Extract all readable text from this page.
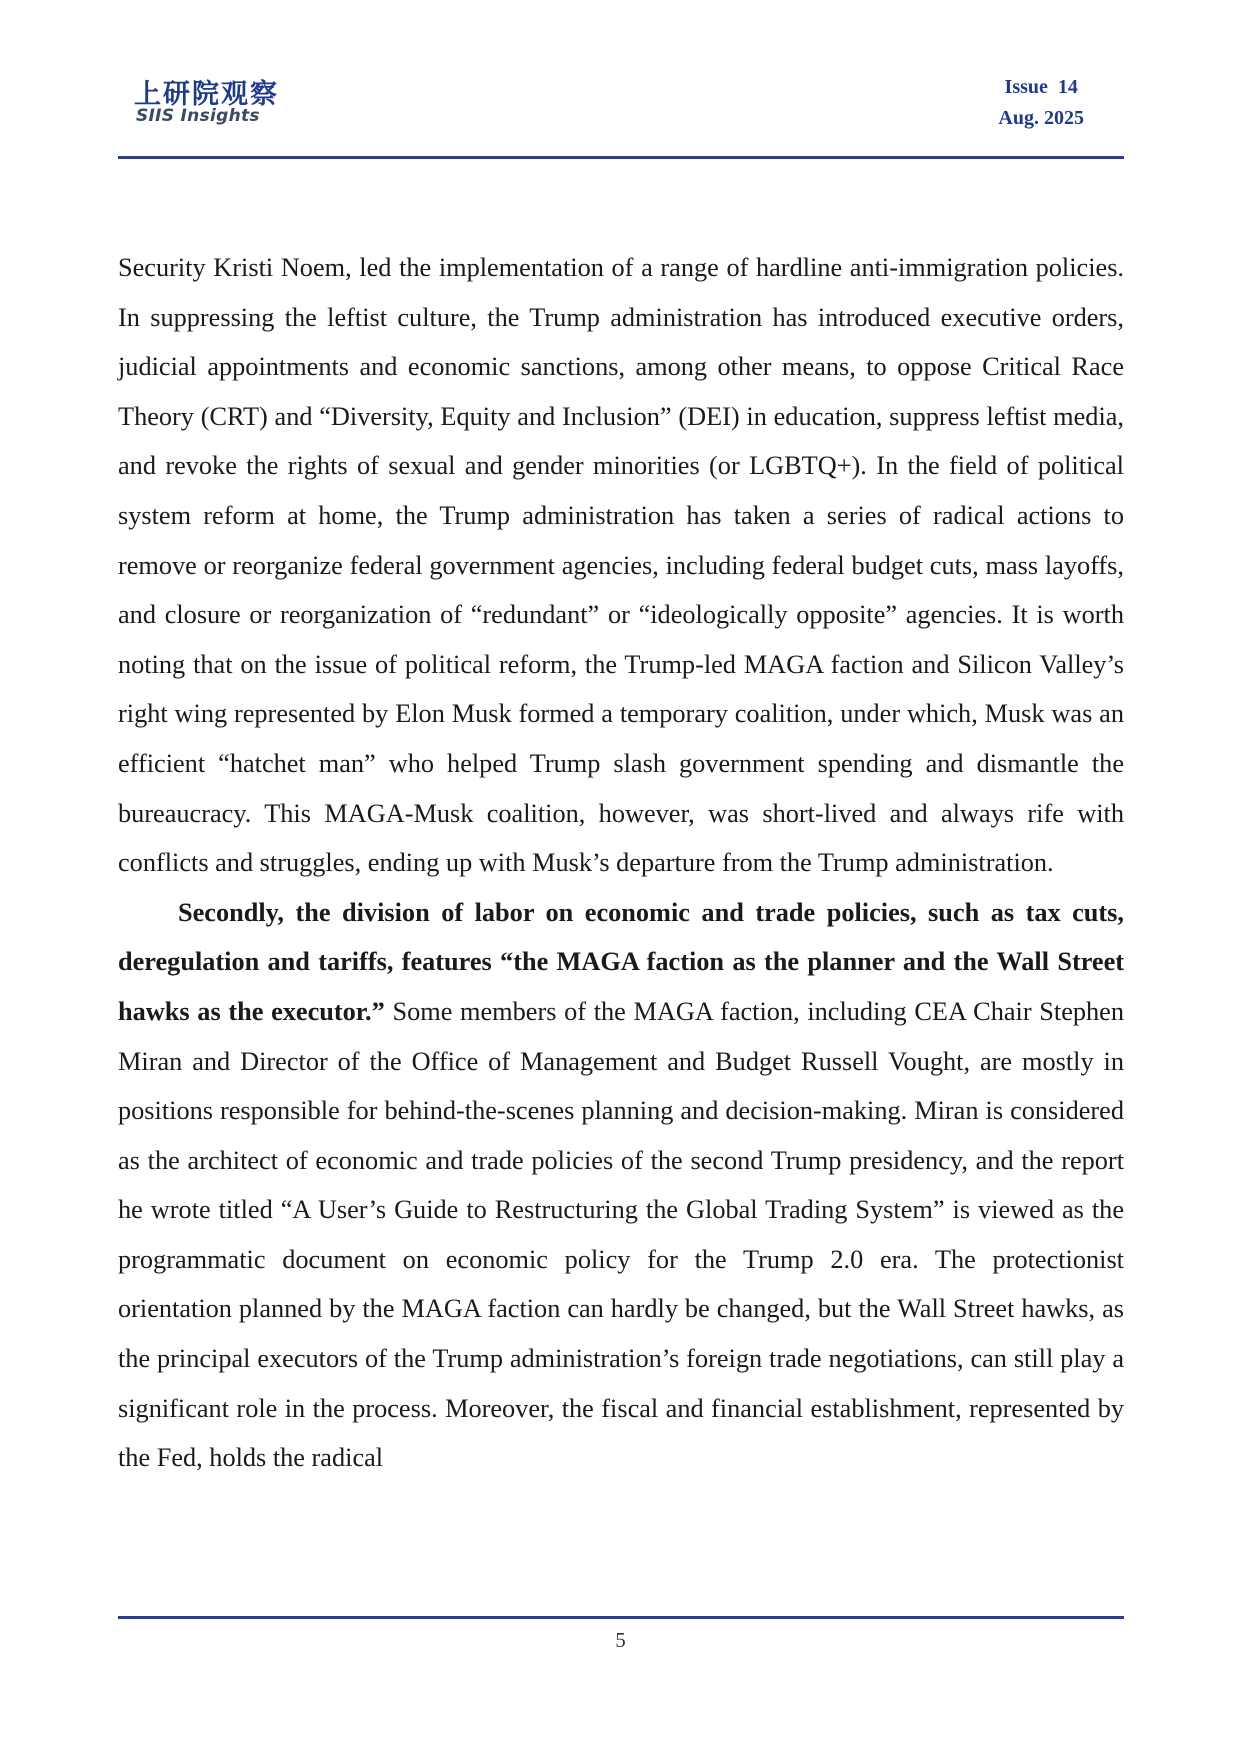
上研院观察
SIIS Insights
Issue  14
Aug. 2025

Security Kristi Noem, led the implementation of a range of hardline anti-immigration policies. In suppressing the leftist culture, the Trump administration has introduced executive orders, judicial appointments and economic sanctions, among other means, to oppose Critical Race Theory (CRT) and “Diversity, Equity and Inclusion” (DEI) in education, suppress leftist media, and revoke the rights of sexual and gender minorities (or LGBTQ+). In the field of political system reform at home, the Trump administration has taken a series of radical actions to remove or reorganize federal government agencies, including federal budget cuts, mass layoffs, and closure or reorganization of “redundant” or “ideologically opposite” agencies. It is worth noting that on the issue of political reform, the Trump-led MAGA faction and Silicon Valley’s right wing represented by Elon Musk formed a temporary coalition, under which, Musk was an efficient “hatchet man” who helped Trump slash government spending and dismantle the bureaucracy. This MAGA-Musk coalition, however, was short-lived and always rife with conflicts and struggles, ending up with Musk’s departure from the Trump administration.

Secondly, the division of labor on economic and trade policies, such as tax cuts, deregulation and tariffs, features “the MAGA faction as the planner and the Wall Street hawks as the executor.” Some members of the MAGA faction, including CEA Chair Stephen Miran and Director of the Office of Management and Budget Russell Vought, are mostly in positions responsible for behind-the-scenes planning and decision-making. Miran is considered as the architect of economic and trade policies of the second Trump presidency, and the report he wrote titled “A User’s Guide to Restructuring the Global Trading System” is viewed as the programmatic document on economic policy for the Trump 2.0 era. The protectionist orientation planned by the MAGA faction can hardly be changed, but the Wall Street hawks, as the principal executors of the Trump administration’s foreign trade negotiations, can still play a significant role in the process. Moreover, the fiscal and financial establishment, represented by the Fed, holds the radical

5
